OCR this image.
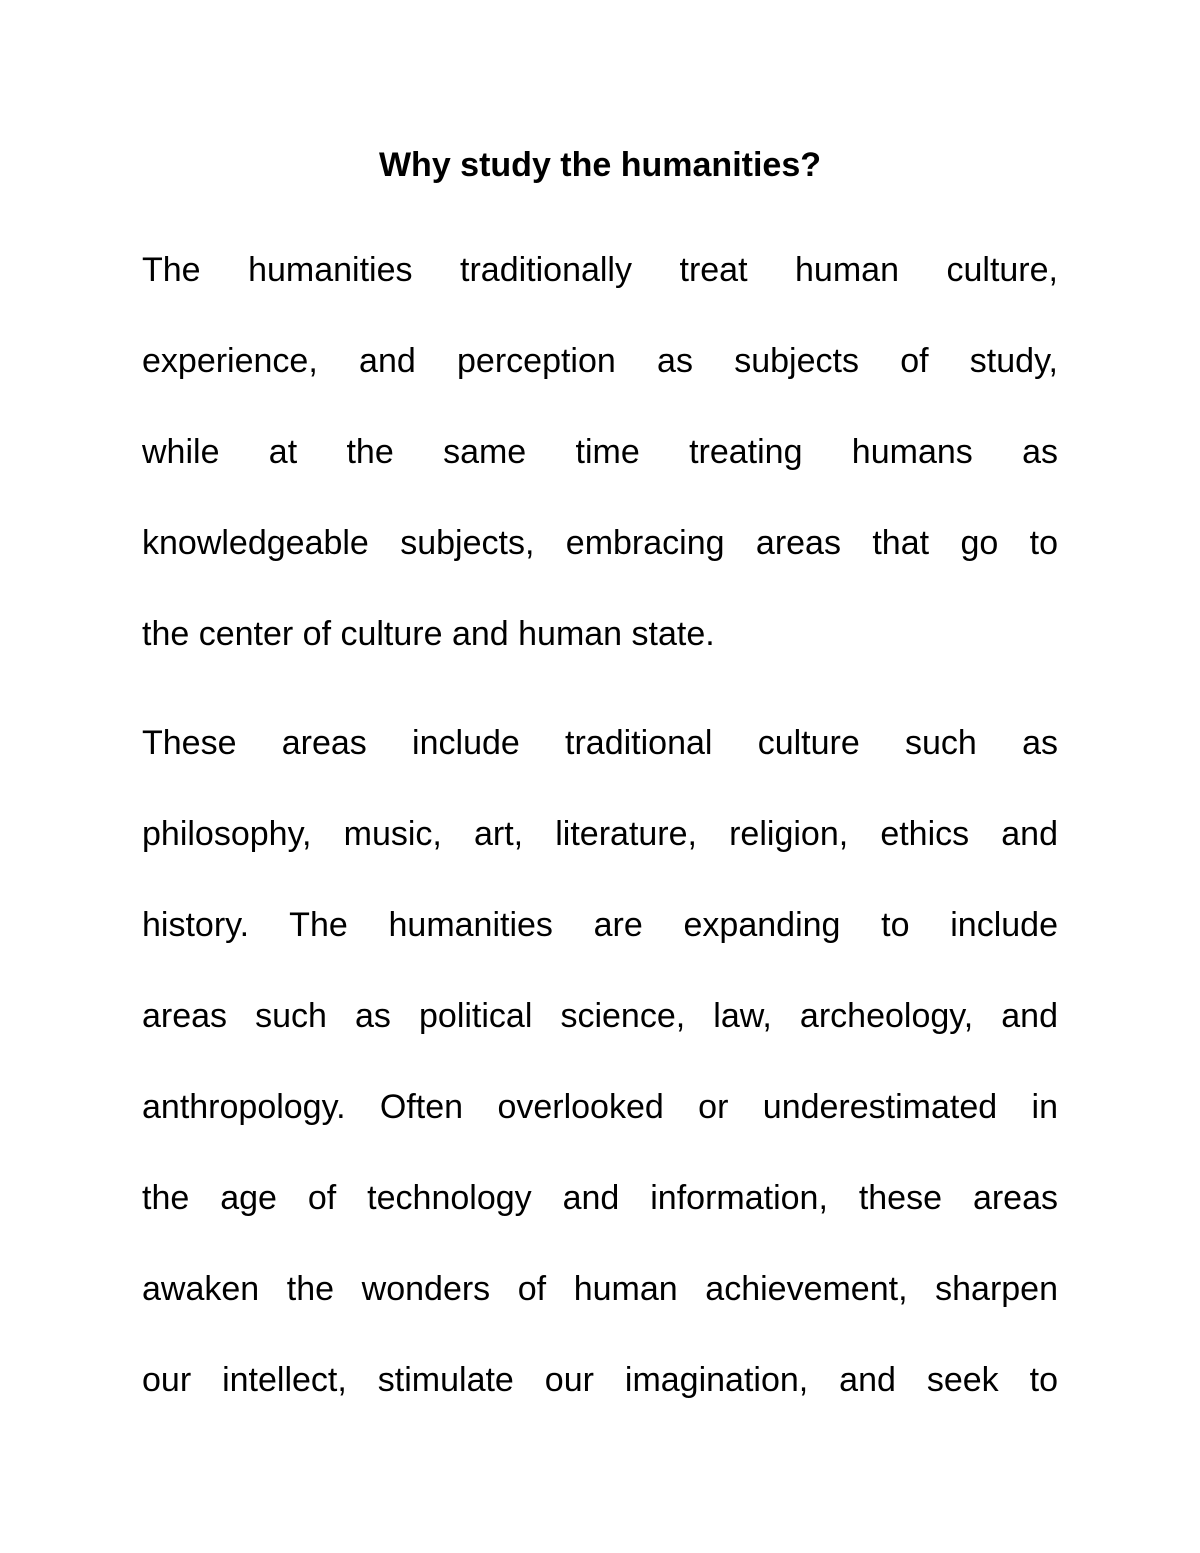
Why study the humanities?
The humanities traditionally treat human culture,
experience, and perception as subjects of study,
while at the same time treating humans as
knowledgeable subjects, embracing areas that go to
the center of culture and human state.
These areas include traditional culture such as
philosophy, music, art, literature, religion, ethics and
history. The humanities are expanding to include
areas such as political science, law, archeology, and
anthropology. Often overlooked or underestimated in
the age of technology and information, these areas
awaken the wonders of human achievement, sharpen
our intellect, stimulate our imagination, and seek to
